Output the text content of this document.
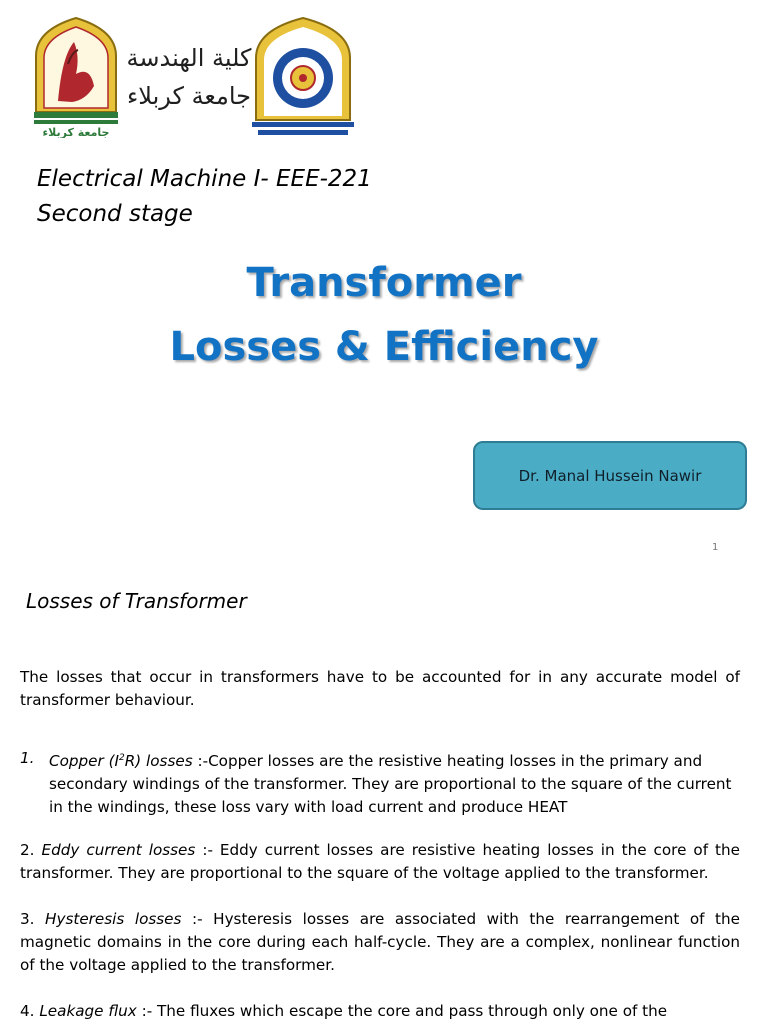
جامعة كربلاء
كلية الهندسة
جامعة كربلاء
Electrical Machine I- EEE-221
Second stage
Transformer
Losses & Efficiency
Dr. Manal Hussein Nawir
1
Losses of Transformer
The losses that occur in transformers have to be accounted for in any accurate model of transformer behaviour.
1. Copper $(I^2R)$ losses :-Copper losses are the resistive heating losses in the primary and secondary windings of the transformer. They are proportional to the square of the current in the windings, these loss vary with load current and produce HEAT
2. Eddy current losses :- Eddy current losses are resistive heating losses in the core of the transformer. They are proportional to the square of the voltage applied to the transformer.
3. Hysteresis losses :- Hysteresis losses are associated with the rearrangement of the magnetic domains in the core during each half-cycle. They are a complex, nonlinear function of the voltage applied to the transformer.
4. Leakage flux :- The fluxes which escape the core and pass through only one of the
